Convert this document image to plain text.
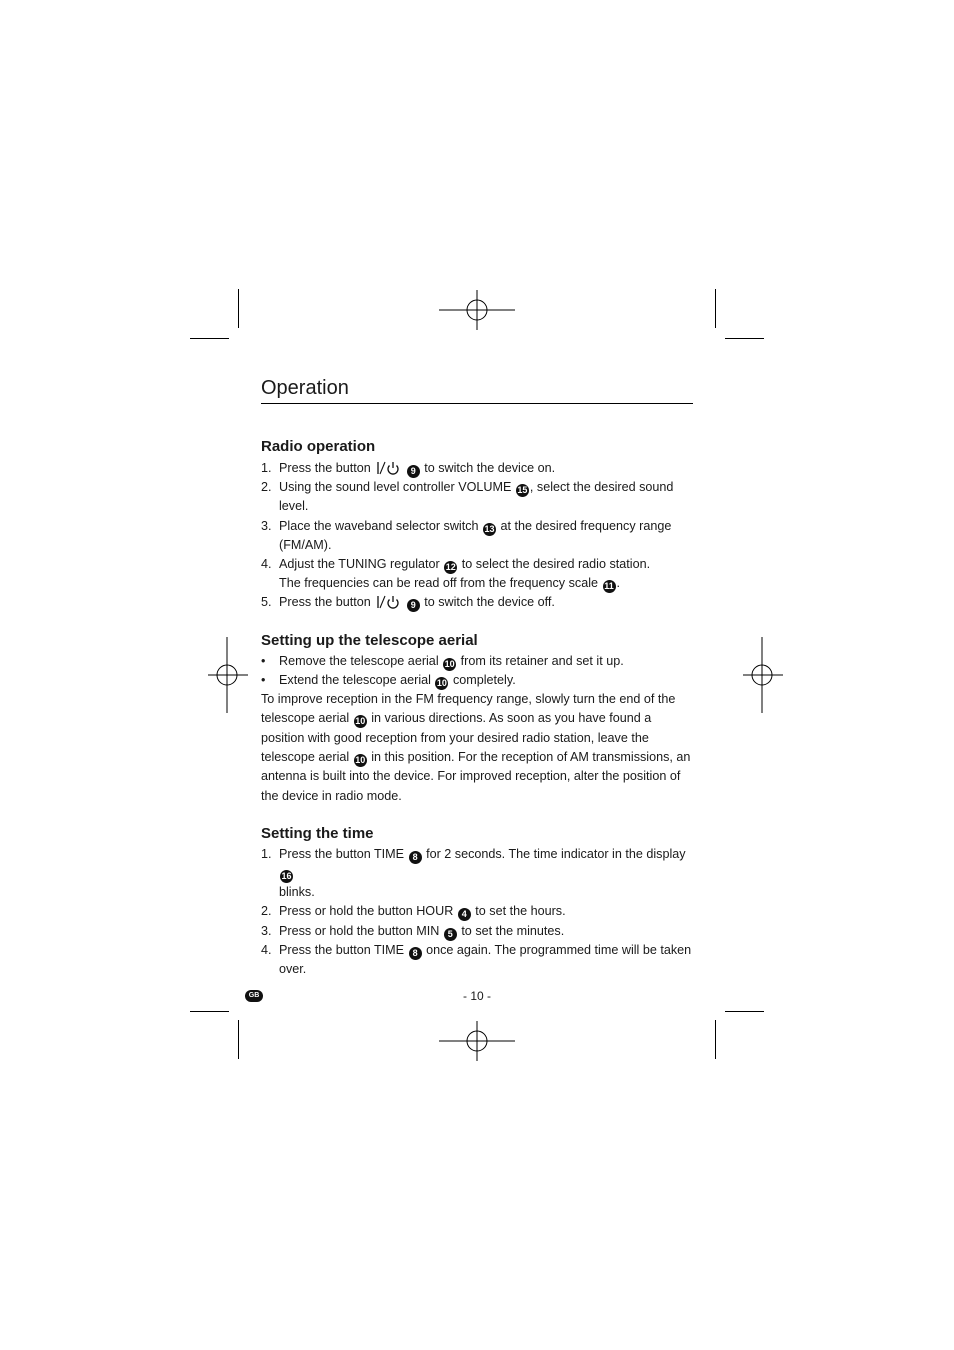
Operation
Radio operation
1. Press the button	9 to switch the device on.
2. Using the sound level controller VOLUME 15 , select the desired sound level.
3. Place the waveband selector switch 13 at the desired frequency range (FM/AM).
4. Adjust the TUNING regulator 12 to select the desired radio station.
The frequencies can be read off from the frequency scale 11 .
5. Press the button	9 to switch the device off.
Setting up the telescope aerial
• Remove the telescope aerial 10 from its retainer and set it up.
• Extend the telescope aerial 10 completely.

To improve reception in the FM frequency range, slowly turn the end of the telescope aerial 10 in various directions. As soon as you have found a position with good reception from your desired radio station, leave the telescope aerial 10 in this position. For the reception of AM transmissions, an antenna is built into the device. For improved reception, alter the position of the device in radio mode.

Setting the time
1. Press the button TIME 8 for 2 seconds. The time indicator in the display 16
blinks.
2. Press or hold the button HOUR 4 to set the hours.
3. Press or hold the button MIN 5 to set the minutes.
4. Press the button TIME 8 once again. The programmed time will be taken over.
GB	- 10 -
